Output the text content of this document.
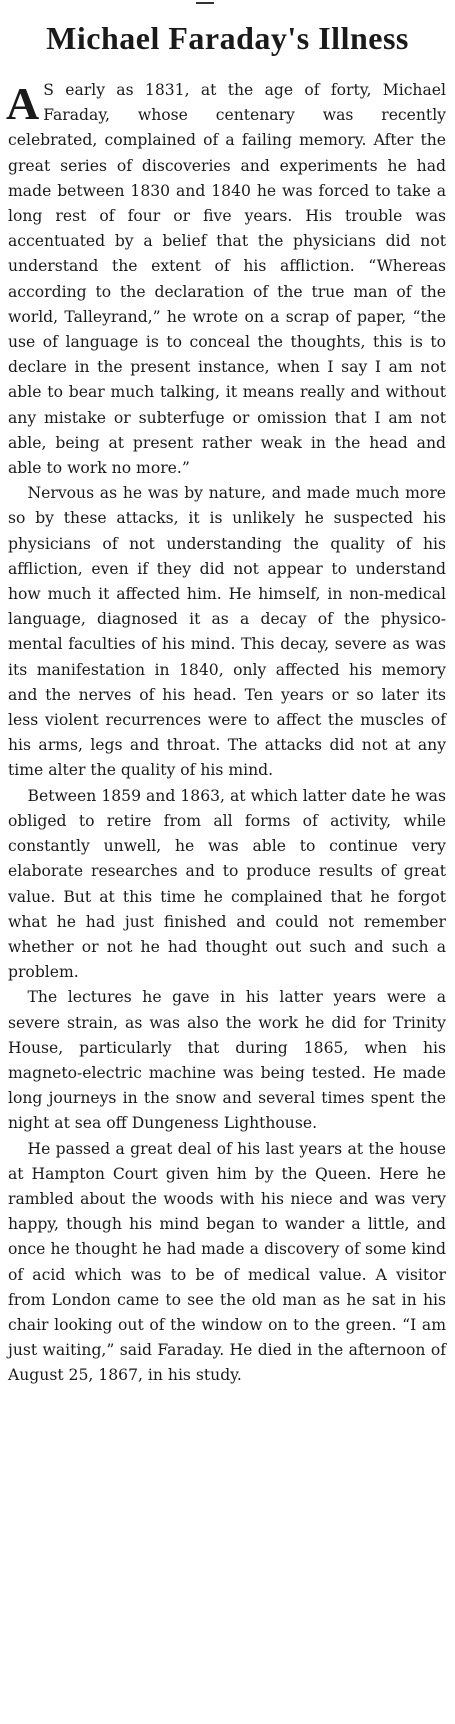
Michael Faraday's Illness

A S early as 1831, at the age of forty, Michael Faraday, whose centenary was recently celebrated, complained of a failing memory. After the great series of discoveries and experiments he had made between 1830 and 1840 he was forced to take a long rest of four or five years. His trouble was accentuated by a belief that the physicians did not understand the extent of his affliction. “Whereas according to the declaration of the true man of the world, Talleyrand,” he wrote on a scrap of paper, “the use of language is to conceal the thoughts, this is to declare in the present instance, when I say I am not able to bear much talking, it means really and without any mistake or subterfuge or omission that I am not able, being at present rather weak in the head and able to work no more.”

Nervous as he was by nature, and made much more so by these attacks, it is unlikely he suspected his physicians of not understanding the quality of his affliction, even if they did not appear to understand how much it affected him. He himself, in non-medical language, diagnosed it as a decay of the physico-mental faculties of his mind. This decay, severe as was its manifestation in 1840, only affected his memory and the nerves of his head. Ten years or so later its less violent recurrences were to affect the muscles of his arms, legs and throat. The attacks did not at any time alter the quality of his mind.

Between 1859 and 1863, at which latter date he was obliged to retire from all forms of activity, while constantly unwell, he was able to continue very elaborate researches and to produce results of great value. But at this time he complained that he forgot what he had just finished and could not remember whether or not he had thought out such and such a problem.

The lectures he gave in his latter years were a severe strain, as was also the work he did for Trinity House, particularly that during 1865, when his magneto-electric machine was being tested. He made long journeys in the snow and several times spent the night at sea off Dungeness Lighthouse.

He passed a great deal of his last years at the house at Hampton Court given him by the Queen. Here he rambled about the woods with his niece and was very happy, though his mind began to wander a little, and once he thought he had made a discovery of some kind of acid which was to be of medical value. A visitor from London came to see the old man as he sat in his chair looking out of the window on to the green. “I am just waiting,” said Faraday. He died in the afternoon of August 25, 1867, in his study.
